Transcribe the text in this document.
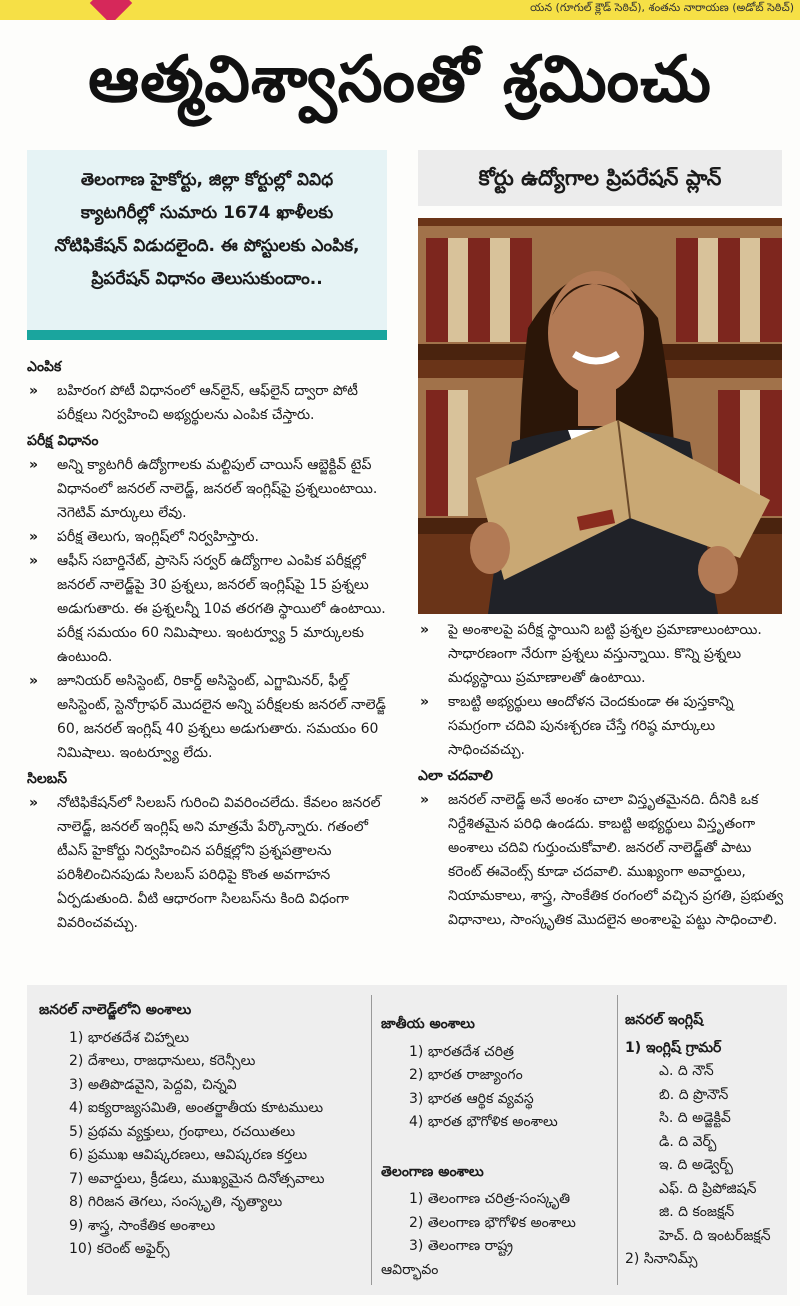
యన (గూగుల్ క్లౌడ్ సెఠిచ్), శంతను నారాయణ (అడోబ్ సెఠిచ్)
ఆత్మవిశ్వాసంతో శ్రమించు

తెలంగాణ హైకోర్టు, జిల్లా కోర్టుల్లో వివిధ క్యాటగిరీల్లో సుమారు 1674 ఖాళీలకు నోటిఫికేషన్ విడుదలైంది. ఈ పోస్టులకు ఎంపిక, ప్రిపరేషన్ విధానం తెలుసుకుందాం..

ఎంపిక

» బహిరంగ పోటీ విధానంలో ఆన్‌లైన్, ఆఫ్‌లైన్ ద్వారా పోటీ పరీక్షలు నిర్వహించి అభ్యర్థులను ఎంపిక చేస్తారు.

పరీక్ష విధానం

» అన్ని క్యాటగిరీ ఉద్యోగాలకు మల్టిపుల్ చాయిస్ ఆబ్జెక్టివ్ టైప్ విధానంలో జనరల్ నాలెడ్జ్, జనరల్ ఇంగ్లిష్‌పై ప్రశ్నలుంటాయి. నెగెటివ్ మార్కులు లేవు.

» పరీక్ష తెలుగు, ఇంగ్లిష్‌లో నిర్వహిస్తారు.

» ఆఫీస్ సబార్డినేట్, ప్రాసెస్ సర్వర్ ఉద్యోగాల ఎంపిక పరీక్షల్లో జనరల్ నాలెడ్జ్‌పై 30 ప్రశ్నలు, జనరల్ ఇంగ్లిష్‌పై 15 ప్రశ్నలు అడుగుతారు. ఈ ప్రశ్నలన్నీ 10వ తరగతి స్థాయిలో ఉంటాయి. పరీక్ష సమయం 60 నిమిషాలు. ఇంటర్వ్యూ 5 మార్కులకు ఉంటుంది.

» జూనియర్ అసిస్టెంట్, రికార్డ్ అసిస్టెంట్, ఎగ్జామినర్, ఫీల్డ్ అసిస్టెంట్, స్టెనోగ్రాఫర్ మొదలైన అన్ని పరీక్షలకు జనరల్ నాలెడ్జ్ 60, జనరల్ ఇంగ్లిష్ 40 ప్రశ్నలు అడుగుతారు. సమయం 60 నిమిషాలు. ఇంటర్వ్యూ లేదు.

సిలబస్

» నోటిఫికేషన్‌లో సిలబస్ గురించి వివరించలేదు. కేవలం జనరల్ నాలెడ్జ్, జనరల్ ఇంగ్లిష్ అని మాత్రమే పేర్కొన్నారు. గతంలో టీఎస్ హైకోర్టు నిర్వహించిన పరీక్షల్లోని ప్రశ్నపత్రాలను పరిశీలించినపుడు సిలబస్ పరిధిపై కొంత అవగాహన ఏర్పడుతుంది. వీటి ఆధారంగా సిలబస్‌ను కింది విధంగా వివరించవచ్చు.

కోర్టు ఉద్యోగాల ప్రిపరేషన్ ప్లాన్

» పై అంశాలపై పరీక్ష స్థాయిని బట్టి ప్రశ్నల ప్రమాణాలుంటాయి. సాధారణంగా నేరుగా ప్రశ్నలు వస్తున్నాయి. కొన్ని ప్రశ్నలు మధ్యస్థాయి ప్రమాణాలతో ఉంటాయి.

» కాబట్టి అభ్యర్థులు ఆందోళన చెందకుండా ఈ పుస్తకాన్ని సమగ్రంగా చదివి పునఃశ్చరణ చేస్తే గరిష్ఠ మార్కులు సాధించవచ్చు.

ఎలా చదవాలి

» జనరల్ నాలెడ్జ్ అనే అంశం చాలా విస్తృతమైనది. దీనికి ఒక నిర్దేశితమైన పరిధి ఉండదు. కాబట్టి అభ్యర్థులు విస్తృతంగా అంశాలు చదివి గుర్తుంచుకోవాలి. జనరల్ నాలెడ్జ్‌తో పాటు కరెంట్ ఈవెంట్స్ కూడా చదవాలి. ముఖ్యంగా అవార్డులు, నియామకాలు, శాస్త్ర, సాంకేతిక రంగంలో వచ్చిన ప్రగతి, ప్రభుత్వ విధానాలు, సాంస్కృతిక మొదలైన అంశాలపై పట్టు సాధించాలి.

జనరల్ నాలెడ్జ్‌లోని అంశాలు

1) భారతదేశ చిహ్నాలు
2) దేశాలు, రాజధానులు, కరెన్సీలు
3) అతిపొడవైని, పెద్దవి, చిన్నవి
4) ఐక్యరాజ్యసమితి, అంతర్జాతీయ కూటములు
5) ప్రథమ వ్యక్తులు, గ్రంథాలు, రచయితలు
6) ప్రముఖ ఆవిష్కరణలు, ఆవిష్కరణ కర్తలు
7) అవార్డులు, క్రీడలు, ముఖ్యమైన దినోత్సవాలు
8) గిరిజన తెగలు, సంస్కృతి, నృత్యాలు
9) శాస్త్ర, సాంకేతిక అంశాలు
10) కరెంట్ అఫైర్స్

జాతీయ అంశాలు

1) భారతదేశ చరిత్ర
2) భారత రాజ్యాంగం
3) భారత ఆర్థిక వ్యవస్థ
4) భారత భౌగోళిక అంశాలు

తెలంగాణ అంశాలు

1) తెలంగాణ చరిత్ర-సంస్కృతి
2) తెలంగాణ భౌగోళిక అంశాలు
3) తెలంగాణ రాష్ట్ర
ఆవిర్భావం

జనరల్ ఇంగ్లిష్

1) ఇంగ్లిష్ గ్రామర్
ఎ. ది నౌన్
బి. ది ప్రొనౌన్
సి. ది అడ్జెక్టివ్
డి. ది వెర్బ్
ఇ. ది అడ్వెర్బ్
ఎఫ్. ది ప్రిపోజిషన్
జి. ది కంజక్షన్
హెచ్. ది ఇంటర్‌జక్షన్
2) సినానిమ్స్
